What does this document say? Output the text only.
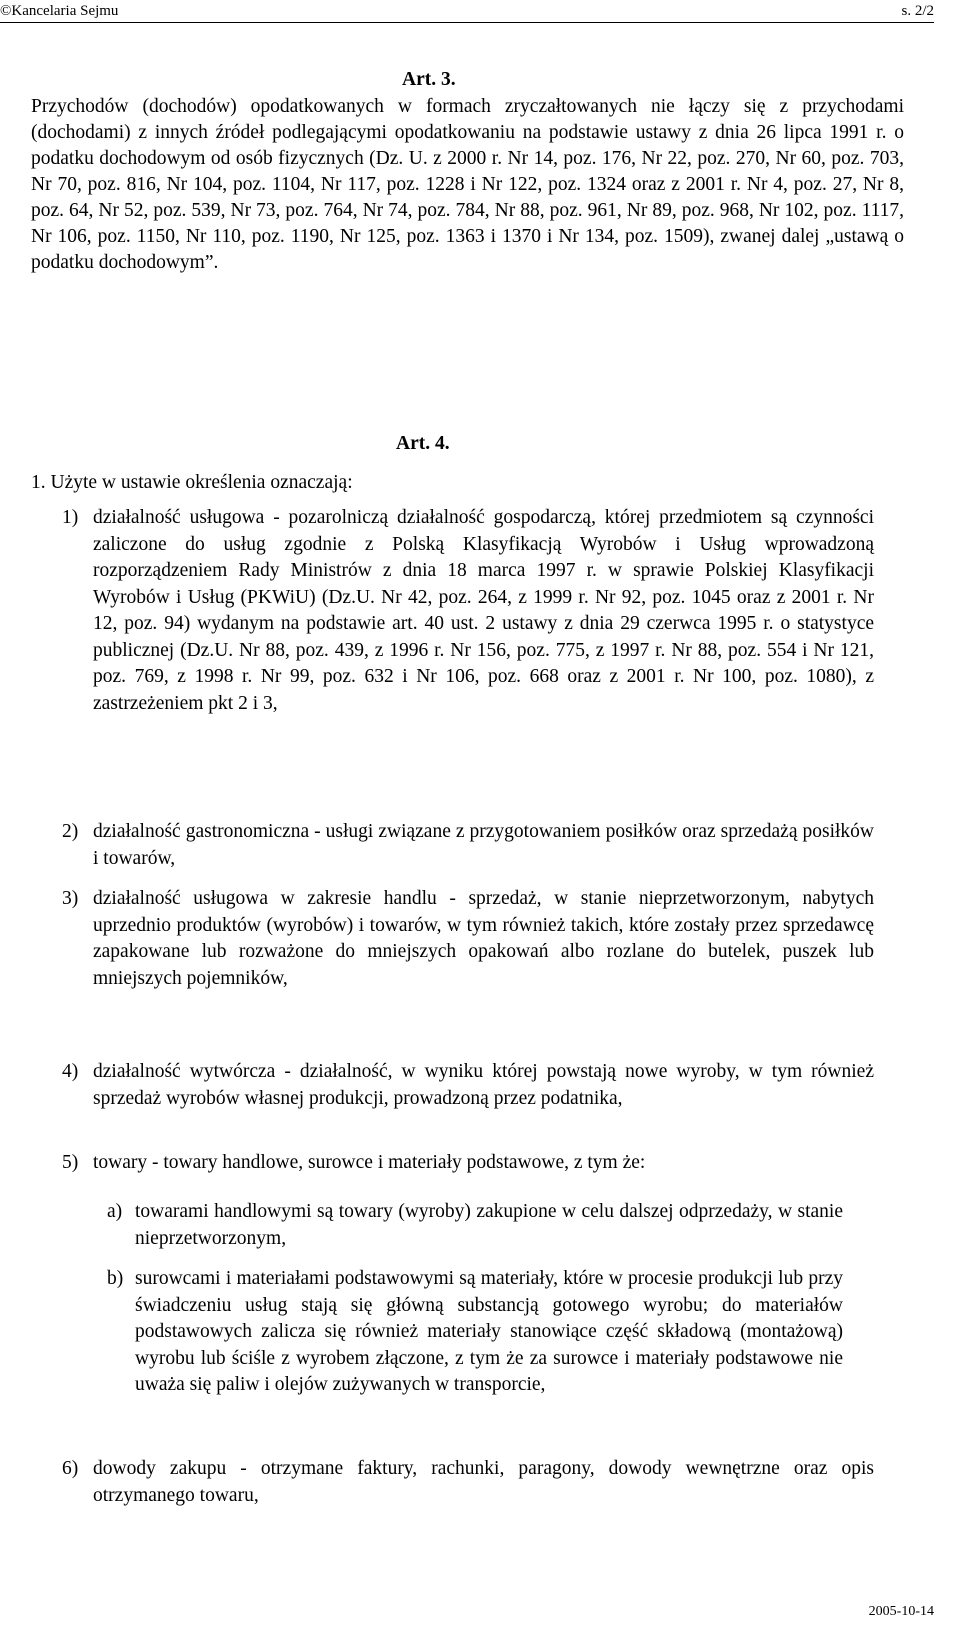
©Kancelaria Sejmu	s. 2/2
Art. 3.
Przychodów (dochodów) opodatkowanych w formach zryczałtowanych nie łączy się z przychodami (dochodami) z innych źródeł podlegającymi opodatkowaniu na podstawie ustawy z dnia 26 lipca 1991 r. o podatku dochodowym od osób fizycznych (Dz. U. z 2000 r. Nr 14, poz. 176, Nr 22, poz. 270, Nr 60, poz. 703, Nr 70, poz. 816, Nr 104, poz. 1104, Nr 117, poz. 1228 i Nr 122, poz. 1324 oraz z 2001 r. Nr 4, poz. 27, Nr 8, poz. 64, Nr 52, poz. 539, Nr 73, poz. 764, Nr 74, poz. 784, Nr 88, poz. 961, Nr 89, poz. 968, Nr 102, poz. 1117, Nr 106, poz. 1150, Nr 110, poz. 1190, Nr 125, poz. 1363 i 1370 i Nr 134, poz. 1509), zwanej dalej „ustawą o podatku dochodowym”.
Art. 4.
1. Użyte w ustawie określenia oznaczają:
1) działalność usługowa - pozarolniczą działalność gospodarczą, której przedmiotem są czynności zaliczone do usług zgodnie z Polską Klasyfikacją Wyrobów i Usług wprowadzoną rozporządzeniem Rady Ministrów z dnia 18 marca 1997 r. w sprawie Polskiej Klasyfikacji Wyrobów i Usług (PKWiU) (Dz.U. Nr 42, poz. 264, z 1999 r. Nr 92, poz. 1045 oraz z 2001 r. Nr 12, poz. 94) wydanym na podstawie art. 40 ust. 2 ustawy z dnia 29 czerwca 1995 r. o statystyce publicznej (Dz.U. Nr 88, poz. 439, z 1996 r. Nr 156, poz. 775, z 1997 r. Nr 88, poz. 554 i Nr 121, poz. 769, z 1998 r. Nr 99, poz. 632 i Nr 106, poz. 668 oraz z 2001 r. Nr 100, poz. 1080), z zastrzeżeniem pkt 2 i 3,
2) działalność gastronomiczna - usługi związane z przygotowaniem posiłków oraz sprzedażą posiłków i towarów,
3) działalność usługowa w zakresie handlu - sprzedaż, w stanie nieprzetworzonym, nabytych uprzednio produktów (wyrobów) i towarów, w tym również takich, które zostały przez sprzedawcę zapakowane lub rozważone do mniejszych opakowań albo rozlane do butelek, puszek lub mniejszych pojemników,
4) działalność wytwórcza - działalność, w wyniku której powstają nowe wyroby, w tym również sprzedaż wyrobów własnej produkcji, prowadzoną przez podatnika,
5) towary - towary handlowe, surowce i materiały podstawowe, z tym że:
a) towarami handlowymi są towary (wyroby) zakupione w celu dalszej odprzedaży, w stanie nieprzetworzonym,
b) surowcami i materiałami podstawowymi są materiały, które w procesie produkcji lub przy świadczeniu usług stają się główną substancją gotowego wyrobu; do materiałów podstawowych zalicza się również materiały stanowiące część składową (montażową) wyrobu lub ściśle z wyrobem złączone, z tym że za surowce i materiały podstawowe nie uważa się paliw i olejów zużywanych w transporcie,
6) dowody zakupu - otrzymane faktury, rachunki, paragony, dowody wewnętrzne oraz opis otrzymanego towaru,
2005-10-14
